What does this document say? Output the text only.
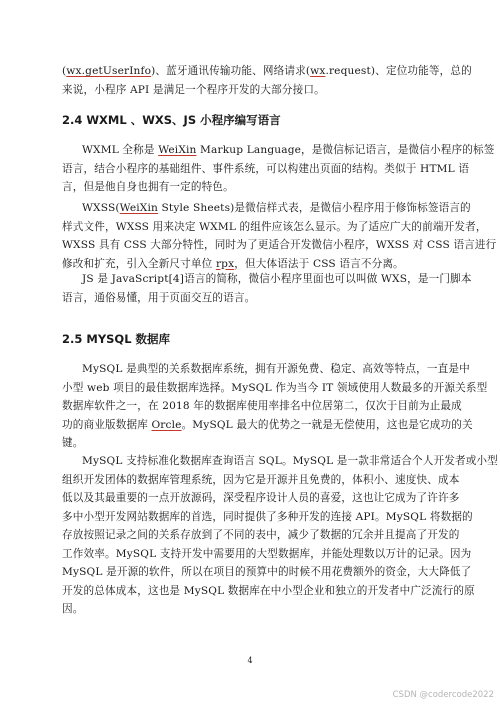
(wx.getUserInfo)、蓝牙通讯传输功能、网络请求(wx.request)、定位功能等，总的
来说，小程序 API 是满足一个程序开发的大部分接口。
2.4 WXML 、WXS、JS 小程序编写语言
WXML 全称是 WeiXin Markup Language，是微信标记语言，是微信小程序的标签
语言，结合小程序的基础组件、事件系统，可以构建出页面的结构。类似于 HTML 语
言，但是他自身也拥有一定的特色。
WXSS(WeiXin Style Sheets)是微信样式表，是微信小程序用于修饰标签语言的
样式文件，WXSS 用来决定 WXML 的组件应该怎么显示。为了适应广大的前端开发者，
WXSS 具有 CSS 大部分特性，同时为了更适合开发微信小程序，WXSS 对 CSS 语言进行
修改和扩充，引入全新尺寸单位 rpx，但大体语法于 CSS 语言不分离。
JS 是 JavaScript[4]语言的简称，微信小程序里面也可以叫做 WXS，是一门脚本
语言，通俗易懂，用于页面交互的语言。
2.5 MYSQL 数据库
MySQL 是典型的关系数据库系统，拥有开源免费、稳定、高效等特点，一直是中
小型 web 项目的最佳数据库选择。MySQL 作为当今 IT 领域使用人数最多的开源关系型
数据库软件之一，在 2018 年的数据库使用率排名中位居第二，仅次于目前为止最成
功的商业版数据库 Orcle。MySQL 最大的优势之一就是无偿使用，这也是它成功的关
键。
MySQL 支持标准化数据库查询语言 SQL。MySQL 是一款非常适合个人开发者或小型
组织开发团体的数据库管理系统，因为它是开源并且免费的，体积小、速度快、成本
低以及其最重要的一点开放源码，深受程序设计人员的喜爱，这也让它成为了许许多
多中小型开发网站数据库的首选，同时提供了多种开发的连接 API。MySQL 将数据的
存放按照记录之间的关系存放到了不同的表中，减少了数据的冗余并且提高了开发的
工作效率。MySQL 支持开发中需要用的大型数据库，并能处理数以万计的记录。因为
MySQL 是开源的软件，所以在项目的预算中的时候不用花费额外的资金，大大降低了
开发的总体成本，这也是 MySQL 数据库在中小型企业和独立的开发者中广泛流行的原
因。
4
CSDN @codercode2022
